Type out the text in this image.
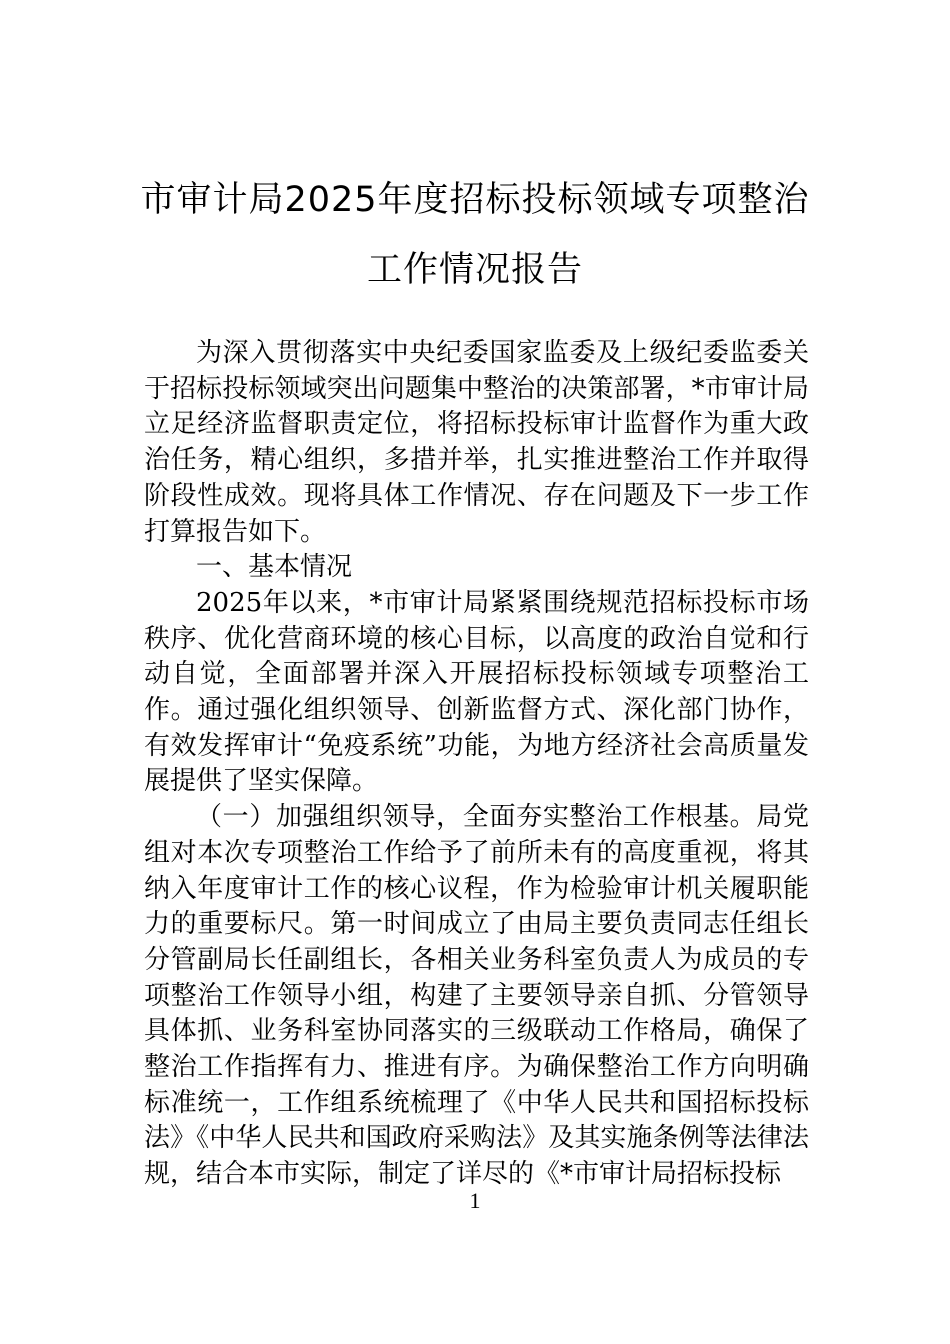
市审计局2025年度招标投标领域专项整治
工作情况报告

为深入贯彻落实中央纪委国家监委及上级纪委监委关于招标投标领域突出问题集中整治的决策部署，*市审计局立足经济监督职责定位，将招标投标审计监督作为重大政治任务，精心组织，多措并举，扎实推进整治工作并取得阶段性成效。现将具体工作情况、存在问题及下一步工作打算报告如下。

一、基本情况

2025年以来，*市审计局紧紧围绕规范招标投标市场秩序、优化营商环境的核心目标，以高度的政治自觉和行动自觉，全面部署并深入开展招标投标领域专项整治工作。通过强化组织领导、创新监督方式、深化部门协作，有效发挥审计“免疫系统”功能，为地方经济社会高质量发展提供了坚实保障。

（一）加强组织领导，全面夯实整治工作根基。局党组对本次专项整治工作给予了前所未有的高度重视，将其纳入年度审计工作的核心议程，作为检验审计机关履职能力的重要标尺。第一时间成立了由局主要负责同志任组长分管副局长任副组长，各相关业务科室负责人为成员的专项整治工作领导小组，构建了主要领导亲自抓、分管领导具体抓、业务科室协同落实的三级联动工作格局，确保了整治工作指挥有力、推进有序。为确保整治工作方向明确标准统一，工作组系统梳理了《中华人民共和国招标投标法》《中华人民共和国政府采购法》及其实施条例等法律法规，结合本市实际，制定了详尽的《*市审计局招标投标

1
